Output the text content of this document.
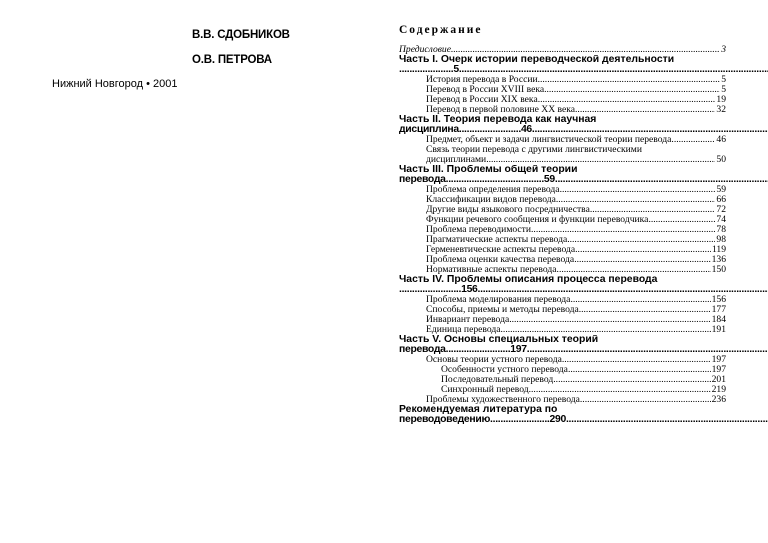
В.В. СДОБНИКОВ
О.В. ПЕТРОВА
Нижний Новгород • 2001
Содержание
Предисловие .....	3
Часть I. Очерк истории переводческой деятельности
.....................5 .....
История перевода в России .....	5
Перевод в России XVIII века .....	5
Перевод в России XIX века .....	19
Перевод в первой половине XX века .....	32
Часть II. Теория перевода как научная
дисциплина........................46 .....
Предмет, объект и задачи лингвистической теории перевода .....	46
Связь теории перевода с другими лингвистическими
дисциплинами .....	50
Часть III. Проблемы общей теории
перевода......................................59 .....
Проблема определения перевода .....	59
Классификации видов перевода .....	66
Другие виды языкового посредничества .....	72
Функции речевого сообщения и функции переводчика .....	74
Проблема переводимости .....	78
Прагматические аспекты перевода .....	98
Герменевтические аспекты перевода .....	119
Проблема оценки качества перевода .....	136
Нормативные аспекты перевода .....	150
Часть IV. Проблемы описания процесса перевода
........................156 .....
Проблема моделирования перевода .....	156
Способы, приемы и методы перевода .....	177
Инвариант перевода .....	184
Единица перевода .....	191
Часть V. Основы специальных теорий
перевода.........................197 .....
Основы теории устного перевода .....	197
Особенности устного перевода .....	197
Последовательный перевод .....	201
Синхронный перевод .....	219
Проблемы художественного перевода .....	236
Рекомендуемая литература по
переводоведению.......................290 .....
